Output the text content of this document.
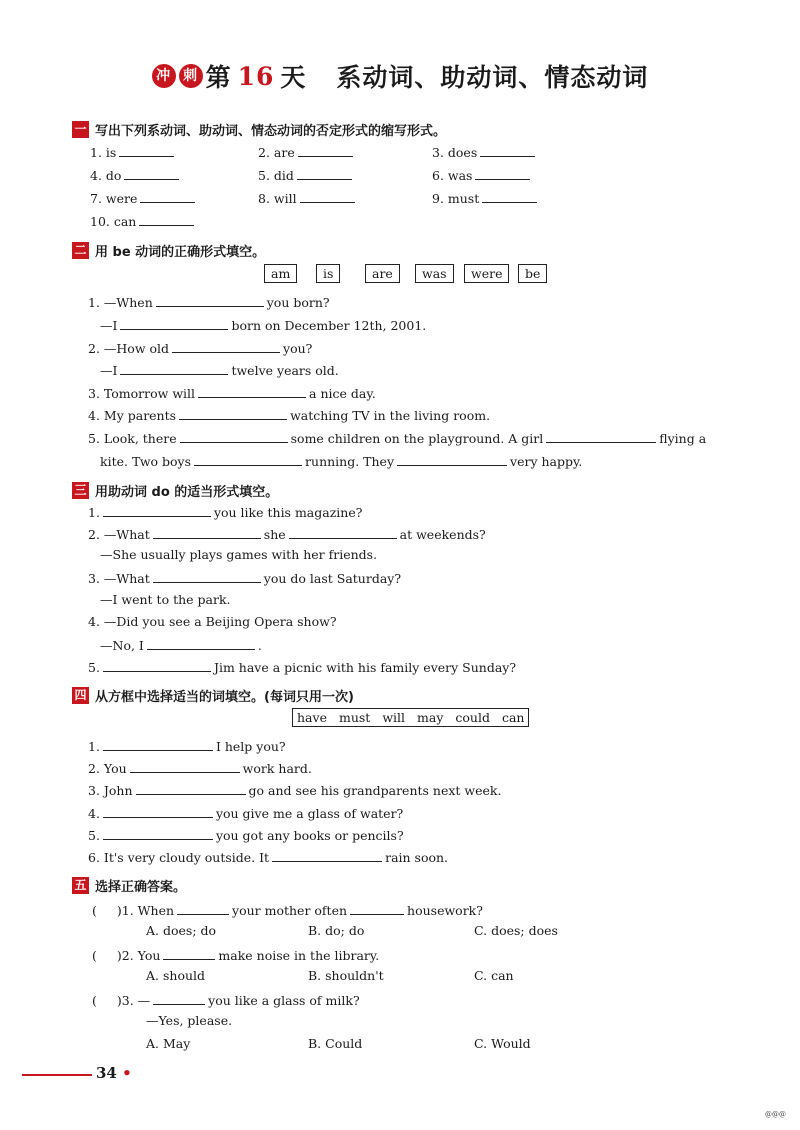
冲 刺 第 16 天 系动词、助动词、情态动词
一 写出下列系动词、助动词、情态动词的否定形式的缩写形式。
1. is	2. are	3. does
4. do	5. did	6. was
7. were	8. will	9. must
10. can
二 用 be 动词的正确形式填空。
am	is	are	was	were	be
1. —When	you born?
—I	born on December 12th, 2001.
2. —How old	you?
—I	twelve years old.
3. Tomorrow will	a nice day.
4. My parents	watching TV in the living room.
5. Look, there	some children on the playground. A girl	flying a
kite. Two boys	running. They	very happy.
三 用助动词 do 的适当形式填空。
1.	you like this magazine?
2. —What	she	at weekends?
—She usually plays games with her friends.
3. —What	you do last Saturday?
—I went to the park.
4. —Did you see a Beijing Opera show?
—No, I	.
5.	Jim have a picnic with his family every Sunday?
四 从方框中选择适当的词填空。(每词只用一次)
have must will may could can
1.	I help you?
2. You	work hard.
3. John	go and see his grandparents next week.
4.	you give me a glass of water?
5.	you got any books or pencils?
6. It's very cloudy outside. It	rain soon.
五 选择正确答案。
( )1. When	your mother often	housework?
A. does; do	B. do; do	C. does; does
( )2. You	make noise in the library.
A. should	B. shouldn't	C. can
( )3. —	you like a glass of milk?
—Yes, please.
A. May	B. Could	C. Would
34 •
@@@
